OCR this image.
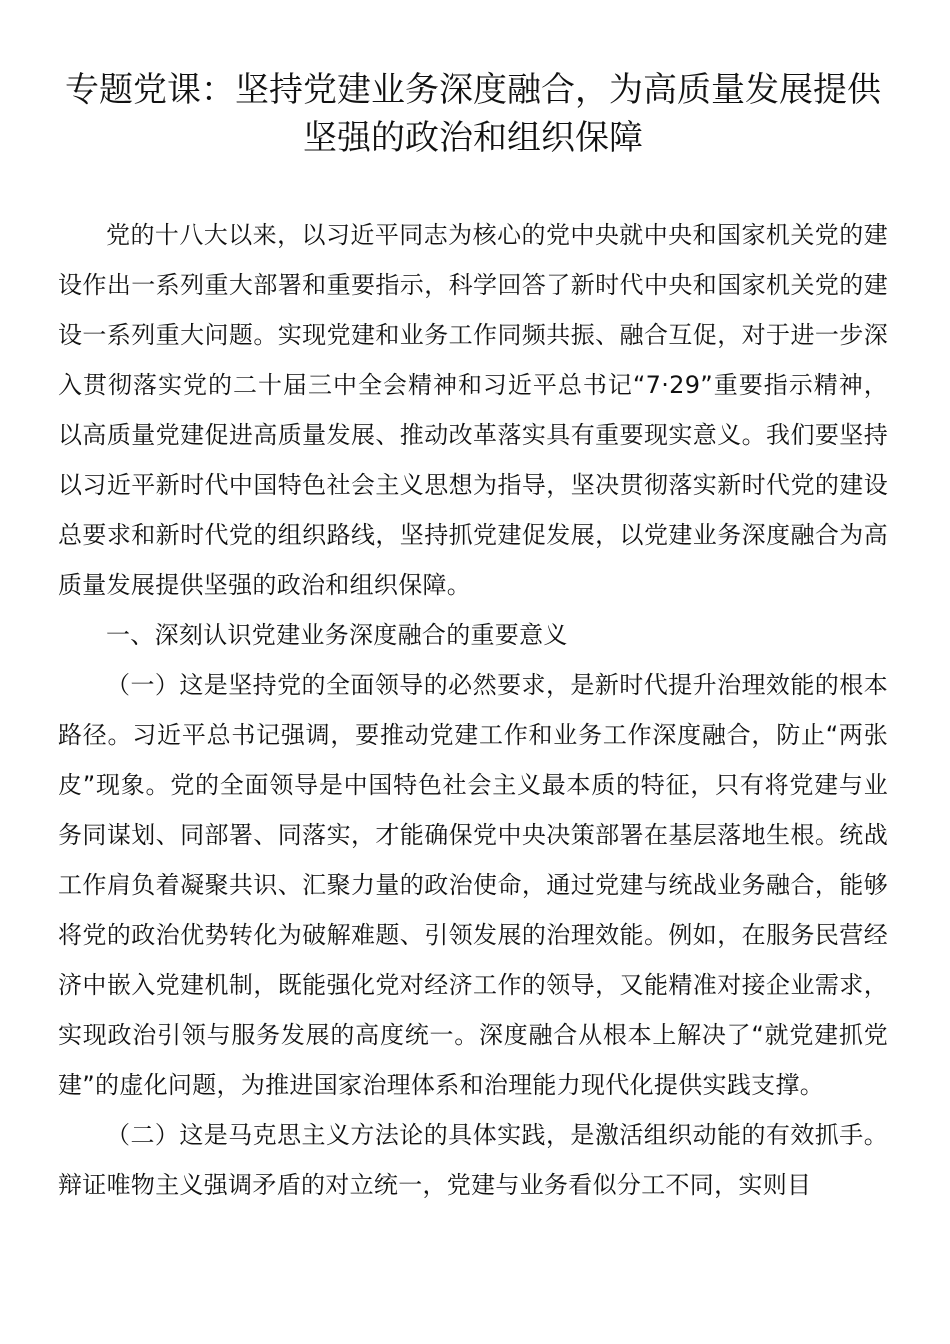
专题党课：坚持党建业务深度融合，为高质量发展提供坚强的政治和组织保障

党的十八大以来，以习近平同志为核心的党中央就中央和国家机关党的建设作出一系列重大部署和重要指示，科学回答了新时代中央和国家机关党的建设一系列重大问题。实现党建和业务工作同频共振、融合互促，对于进一步深入贯彻落实党的二十届三中全会精神和习近平总书记“7·29”重要指示精神，以高质量党建促进高质量发展、推动改革落实具有重要现实意义。我们要坚持以习近平新时代中国特色社会主义思想为指导，坚决贯彻落实新时代党的建设总要求和新时代党的组织路线，坚持抓党建促发展，以党建业务深度融合为高质量发展提供坚强的政治和组织保障。

一、深刻认识党建业务深度融合的重要意义

（一）这是坚持党的全面领导的必然要求，是新时代提升治理效能的根本路径。习近平总书记强调，要推动党建工作和业务工作深度融合，防止“两张皮”现象。党的全面领导是中国特色社会主义最本质的特征，只有将党建与业务同谋划、同部署、同落实，才能确保党中央决策部署在基层落地生根。统战工作肩负着凝聚共识、汇聚力量的政治使命，通过党建与统战业务融合，能够将党的政治优势转化为破解难题、引领发展的治理效能。例如，在服务民营经济中嵌入党建机制，既能强化党对经济工作的领导，又能精准对接企业需求，实现政治引领与服务发展的高度统一。深度融合从根本上解决了“就党建抓党建”的虚化问题，为推进国家治理体系和治理能力现代化提供实践支撑。

（二）这是马克思主义方法论的具体实践，是激活组织动能的有效抓手。辩证唯物主义强调矛盾的对立统一，党建与业务看似分工不同，实则目
